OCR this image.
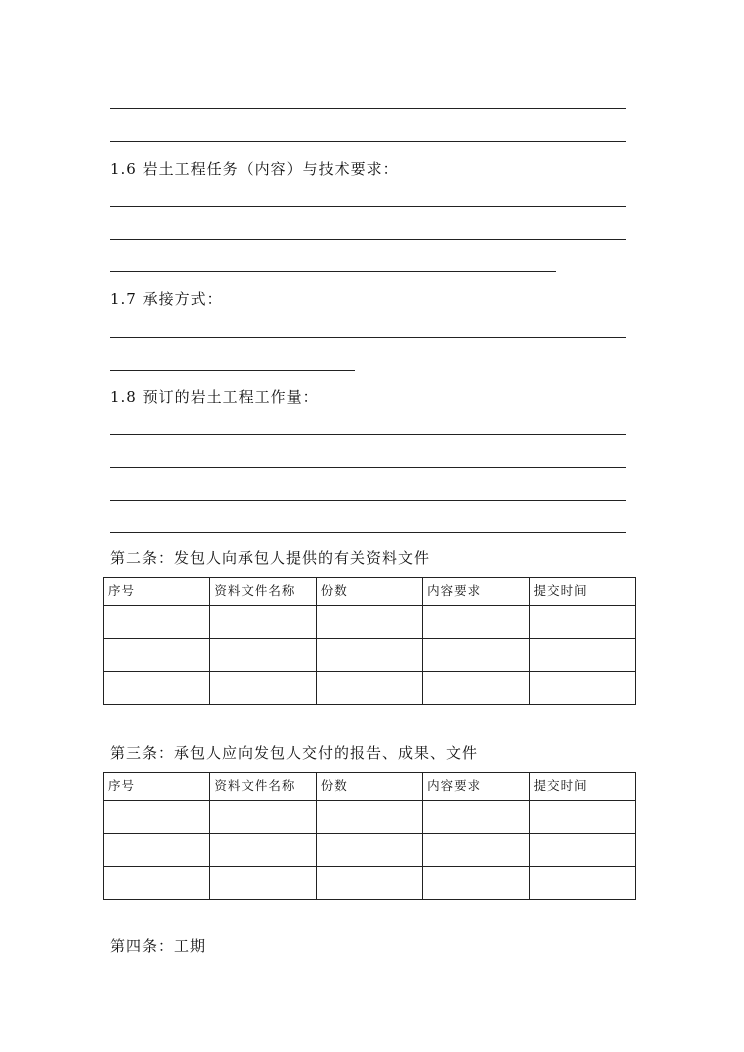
1.6 岩土工程任务（内容）与技术要求：
1.7 承接方式：
1.8 预订的岩土工程工作量：
第二条：发包人向承包人提供的有关资料文件
序号	资料文件名称	份数	内容要求	提交时间

第三条：承包人应向发包人交付的报告、成果、文件
序号	资料文件名称	份数	内容要求	提交时间

第四条：工期
